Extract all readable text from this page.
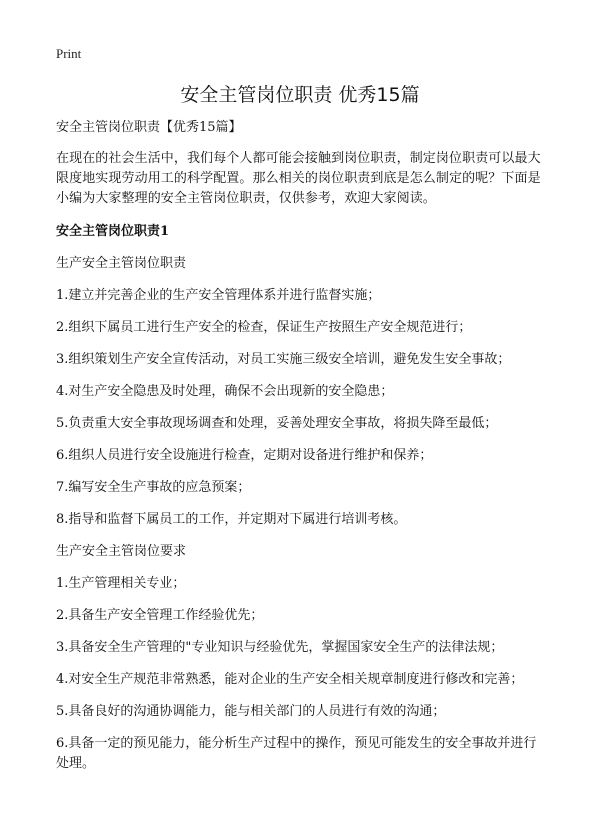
Print
安全主管岗位职责 优秀15篇

安全主管岗位职责【优秀15篇】

在现在的社会生活中，我们每个人都可能会接触到岗位职责，制定岗位职责可以最大限度地实现劳动用工的科学配置。那么相关的岗位职责到底是怎么制定的呢？下面是小编为大家整理的安全主管岗位职责，仅供参考，欢迎大家阅读。

安全主管岗位职责1

生产安全主管岗位职责

1.建立并完善企业的生产安全管理体系并进行监督实施；

2.组织下属员工进行生产安全的检查，保证生产按照生产安全规范进行；

3.组织策划生产安全宣传活动，对员工实施三级安全培训，避免发生安全事故；

4.对生产安全隐患及时处理，确保不会出现新的安全隐患；

5.负责重大安全事故现场调查和处理，妥善处理安全事故，将损失降至最低；

6.组织人员进行安全设施进行检查，定期对设备进行维护和保养；

7.编写安全生产事故的应急预案；

8.指导和监督下属员工的工作，并定期对下属进行培训考核。

生产安全主管岗位要求

1.生产管理相关专业；

2.具备生产安全管理工作经验优先；

3.具备安全生产管理的"专业知识与经验优先，掌握国家安全生产的法律法规；

4.对安全生产规范非常熟悉，能对企业的生产安全相关规章制度进行修改和完善；

5.具备良好的沟通协调能力，能与相关部门的人员进行有效的沟通；

6.具备一定的预见能力，能分析生产过程中的操作，预见可能发生的安全事故并进行处理。
